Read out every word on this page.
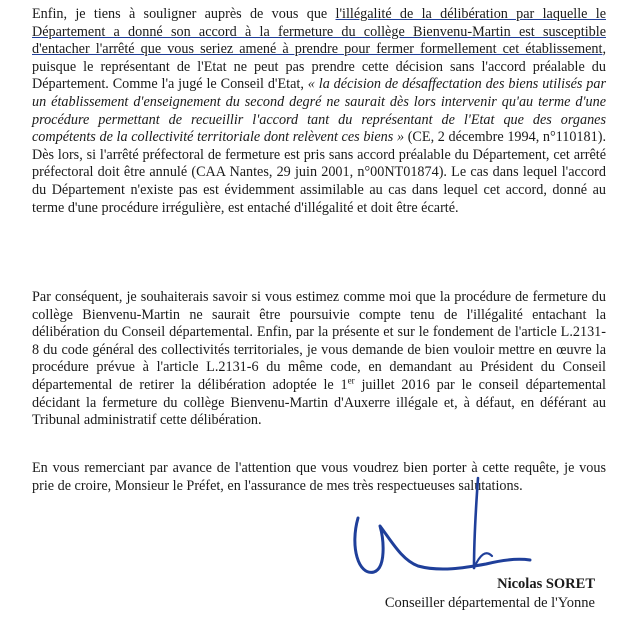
Enfin, je tiens à souligner auprès de vous que l'illégalité de la délibération par laquelle le Département a donné son accord à la fermeture du collège Bienvenu-Martin est susceptible d'entacher l'arrêté que vous seriez amené à prendre pour fermer formellement cet établissement, puisque le représentant de l'Etat ne peut pas prendre cette décision sans l'accord préalable du Département. Comme l'a jugé le Conseil d'Etat, « la décision de désaffectation des biens utilisés par un établissement d'enseignement du second degré ne saurait dès lors intervenir qu'au terme d'une procédure permettant de recueillir l'accord tant du représentant de l'Etat que des organes compétents de la collectivité territoriale dont relèvent ces biens » (CE, 2 décembre 1994, n°110181). Dès lors, si l'arrêté préfectoral de fermeture est pris sans accord préalable du Département, cet arrêté préfectoral doit être annulé (CAA Nantes, 29 juin 2001, n°00NT01874). Le cas dans lequel l'accord du Département n'existe pas est évidemment assimilable au cas dans lequel cet accord, donné au terme d'une procédure irrégulière, est entaché d'illégalité et doit être écarté.

Par conséquent, je souhaiterais savoir si vous estimez comme moi que la procédure de fermeture du collège Bienvenu-Martin ne saurait être poursuivie compte tenu de l'illégalité entachant la délibération du Conseil départemental. Enfin, par la présente et sur le fondement de l'article L.2131-8 du code général des collectivités territoriales, je vous demande de bien vouloir mettre en œuvre la procédure prévue à l'article L.2131-6 du même code, en demandant au Président du Conseil départemental de retirer la délibération adoptée le 1er juillet 2016 par le conseil départemental décidant la fermeture du collège Bienvenu-Martin d'Auxerre illégale et, à défaut, en déférant au Tribunal administratif cette délibération.

En vous remerciant par avance de l'attention que vous voudrez bien porter à cette requête, je vous prie de croire, Monsieur le Préfet, en l'assurance de mes très respectueuses salutations.

Nicolas SORET

Conseiller départemental de l'Yonne
